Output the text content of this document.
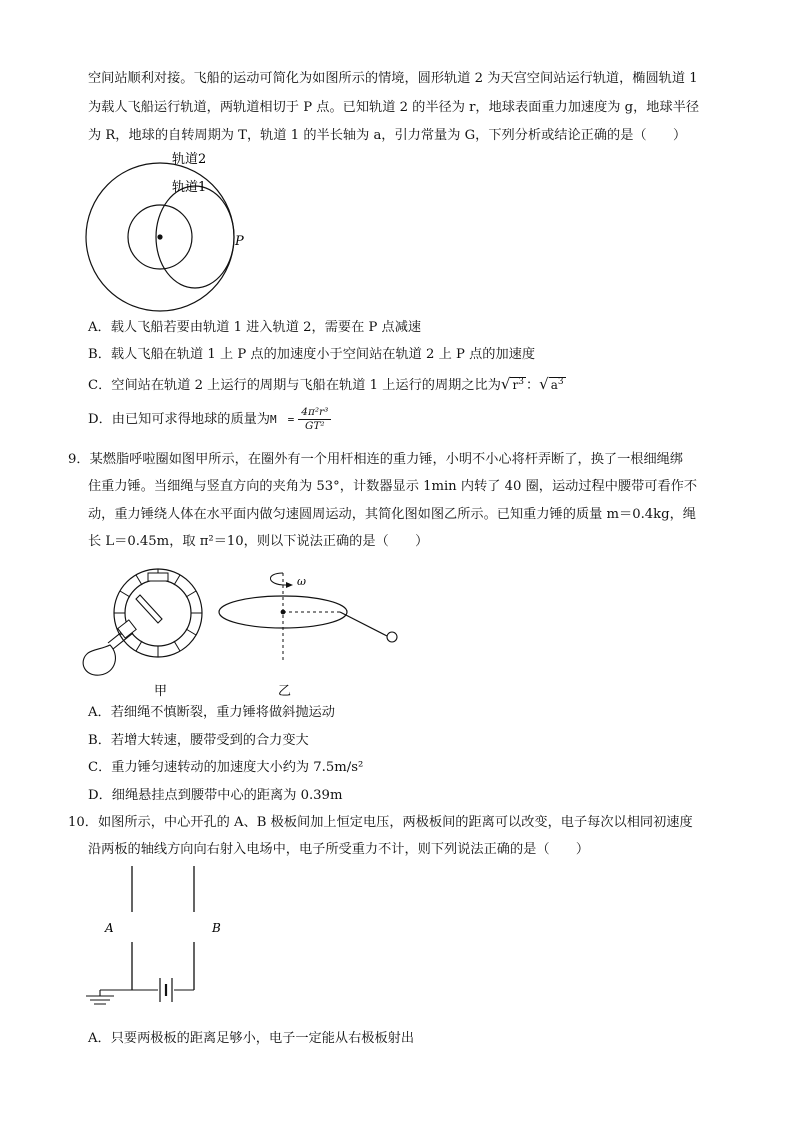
空间站顺利对接。飞船的运动可简化为如图所示的情境，圆形轨道 2 为天宫空间站运行轨道，椭圆轨道 1
为载人飞船运行轨道，两轨道相切于 P 点。已知轨道 2 的半径为 r，地球表面重力加速度为 g，地球半径
为 R，地球的自转周期为 T，轨道 1 的半长轴为 a，引力常量为 G，下列分析或结论正确的是（　　）
轨道2
轨道1
P
A．载人飞船若要由轨道 1 进入轨道 2，需要在 P 点减速
B．载人飞船在轨道 1 上 P 点的加速度小于空间站在轨道 2 上 P 点的加速度
C．空间站在轨道 2 上运行的周期与飞船在轨道 1 上运行的周期之比为√ $r^3$ ：√ $a^3$
D．由已知可求得地球的质量为M　= $\frac{\text{4π²r³}}{\text{GT²}}$
9．某燃脂呼啦圈如图甲所示，在圈外有一个用杆相连的重力锤，小明不小心将杆弄断了，换了一根细绳绑
住重力锤。当细绳与竖直方向的夹角为 53°，计数器显示 1min 内转了 40 圈，运动过程中腰带可看作不
动，重力锤绕人体在水平面内做匀速圆周运动，其简化图如图乙所示。已知重力锤的质量 m＝0.4kg，绳
长 L＝0.45m，取 π²＝10，则以下说法正确的是（　　）
甲
ω
乙
A．若细绳不慎断裂，重力锤将做斜抛运动
B．若增大转速，腰带受到的合力变大
C．重力锤匀速转动的加速度大小约为 7.5m/s²
D．细绳悬挂点到腰带中心的距离为 0.39m
10．如图所示，中心开孔的 A、B 极板间加上恒定电压，两极板间的距离可以改变，电子每次以相同初速度
沿两板的轴线方向向右射入电场中，电子所受重力不计，则下列说法正确的是（　　）
A	B
A．只要两极板的距离足够小，电子一定能从右极板射出
